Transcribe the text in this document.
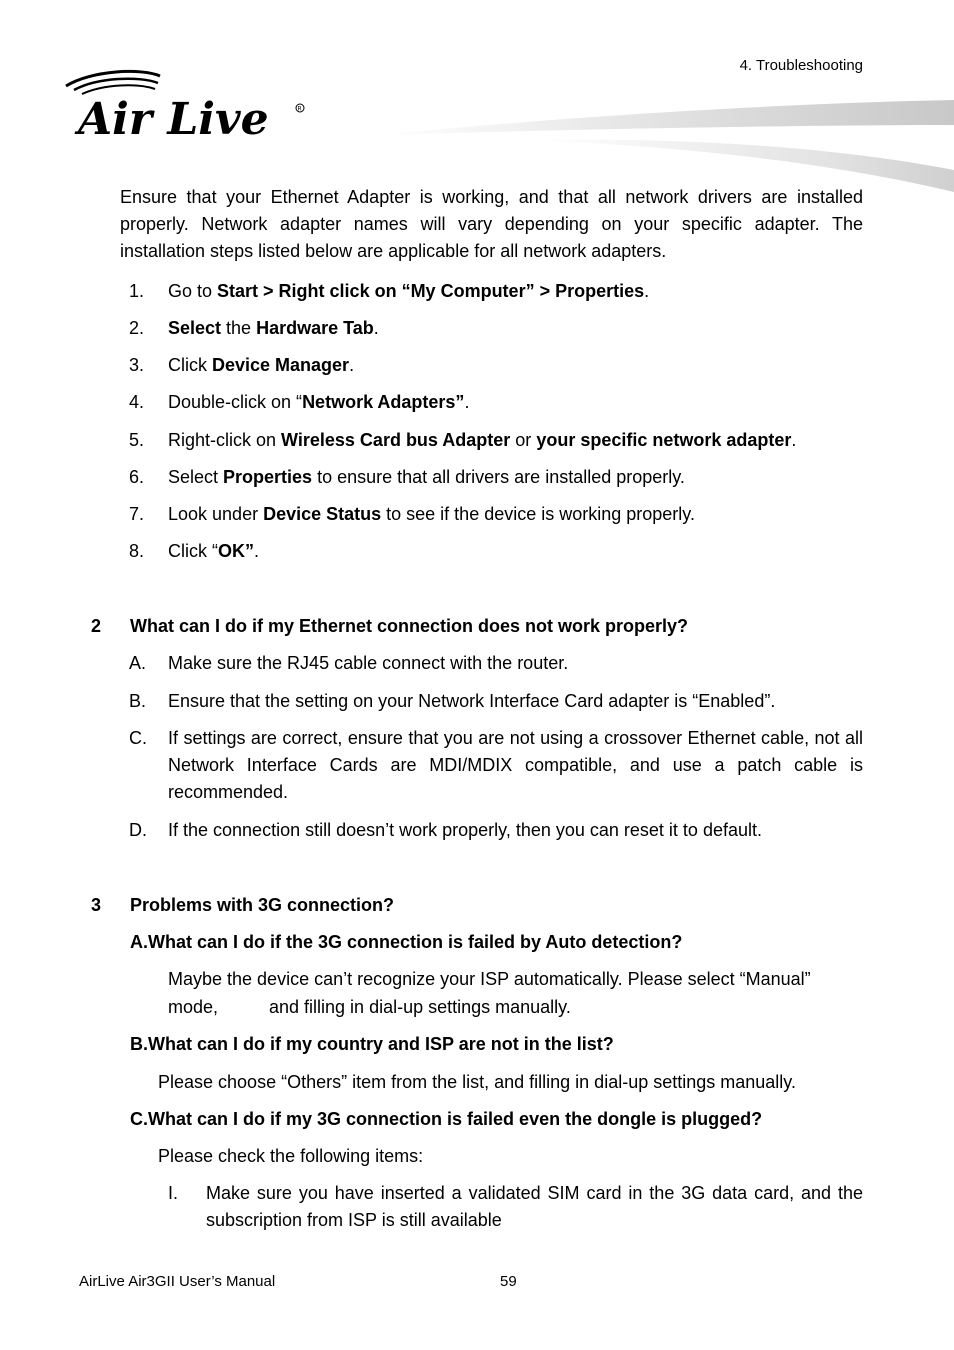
4. Troubleshooting
Air Live	R
Ensure that your Ethernet Adapter is working, and that all network drivers are installed properly. Network adapter names will vary depending on your specific adapter. The installation steps listed below are applicable for all network adapters.
1.	Go to Start > Right click on “My Computer” > Properties.
2.	Select the Hardware Tab.
3.	Click Device Manager.
4.	Double-click on “Network Adapters”.
5.	Right-click on Wireless Card bus Adapter or your specific network adapter.
6.	Select Properties to ensure that all drivers are installed properly.
7.	Look under Device Status to see if the device is working properly.
8.	Click “OK”.
2 What can I do if my Ethernet connection does not work properly?
A.	Make sure the RJ45 cable connect with the router.
B.	Ensure that the setting on your Network Interface Card adapter is “Enabled”.
C.	If settings are correct, ensure that you are not using a crossover Ethernet cable, not all Network Interface Cards are MDI/MDIX compatible, and use a patch cable is recommended.
D.	If the connection still doesn’t work properly, then you can reset it to default.
3 Problems with 3G connection?
A.What can I do if the 3G connection is failed by Auto detection?
Maybe the device can’t recognize your ISP automatically. Please select “Manual”
mode,	and filling in dial-up settings manually.
B.What can I do if my country and ISP are not in the list?
Please choose “Others” item from the list, and filling in dial-up settings manually.
C.What can I do if my 3G connection is failed even the dongle is plugged?
Please check the following items:
I. Make sure you have inserted a validated SIM card in the 3G data card, and the subscription from ISP is still available
AirLive Air3GII User’s Manual	59
